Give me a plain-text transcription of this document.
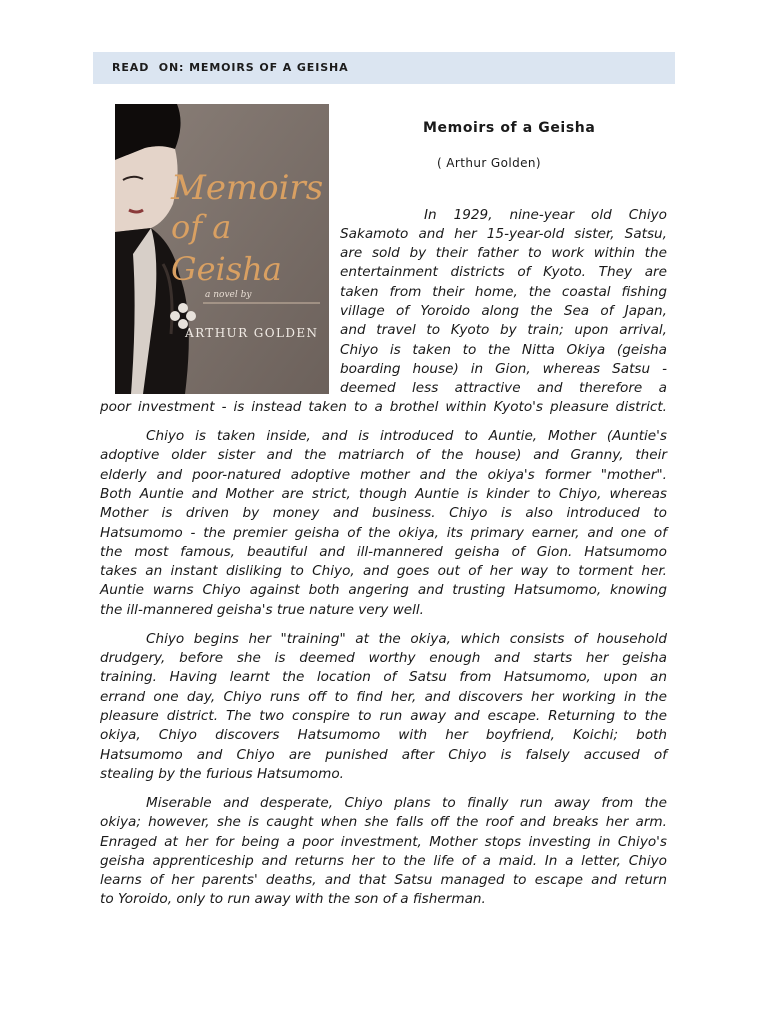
READ  ON: MEMOIRS OF A GEISHA
Memoirs
of a
Geisha
a novel by
ARTHUR GOLDEN
Memoirs of a Geisha
( Arthur Golden)
In 1929, nine-year old Chiyo
Sakamoto and her 15-year-old sister, Satsu,
are sold by their father to work within the
entertainment districts of Kyoto. They are
taken from their home, the coastal fishing
village of Yoroido along the Sea of Japan,
and travel to Kyoto by train; upon arrival,
Chiyo is taken to the Nitta Okiya (geisha
boarding house) in Gion, whereas Satsu -
deemed less attractive and therefore a
poor investment - is instead taken to a brothel within Kyoto's pleasure district.
Chiyo is taken inside, and is introduced to Auntie, Mother (Auntie's
adoptive older sister and the matriarch of the house) and Granny, their
elderly and poor-natured adoptive mother and the okiya's former "mother".
Both Auntie and Mother are strict, though Auntie is kinder to Chiyo, whereas
Mother is driven by money and business. Chiyo is also introduced to
Hatsumomo - the premier geisha of the okiya, its primary earner, and one of
the most famous, beautiful and ill-mannered geisha of Gion. Hatsumomo
takes an instant disliking to Chiyo, and goes out of her way to torment her.
Auntie warns Chiyo against both angering and trusting Hatsumomo, knowing
the ill-mannered geisha's true nature very well.
Chiyo begins her "training" at the okiya, which consists of household
drudgery, before she is deemed worthy enough and starts her geisha
training. Having learnt the location of Satsu from Hatsumomo, upon an
errand one day, Chiyo runs off to find her, and discovers her working in the
pleasure district. The two conspire to run away and escape. Returning to the
okiya, Chiyo discovers Hatsumomo with her boyfriend, Koichi; both
Hatsumomo and Chiyo are punished after Chiyo is falsely accused of
stealing by the furious Hatsumomo.
Miserable and desperate, Chiyo plans to finally run away from the
okiya; however, she is caught when she falls off the roof and breaks her arm.
Enraged at her for being a poor investment, Mother stops investing in Chiyo's
geisha apprenticeship and returns her to the life of a maid. In a letter, Chiyo
learns of her parents' deaths, and that Satsu managed to escape and return
to Yoroido, only to run away with the son of a fisherman.
